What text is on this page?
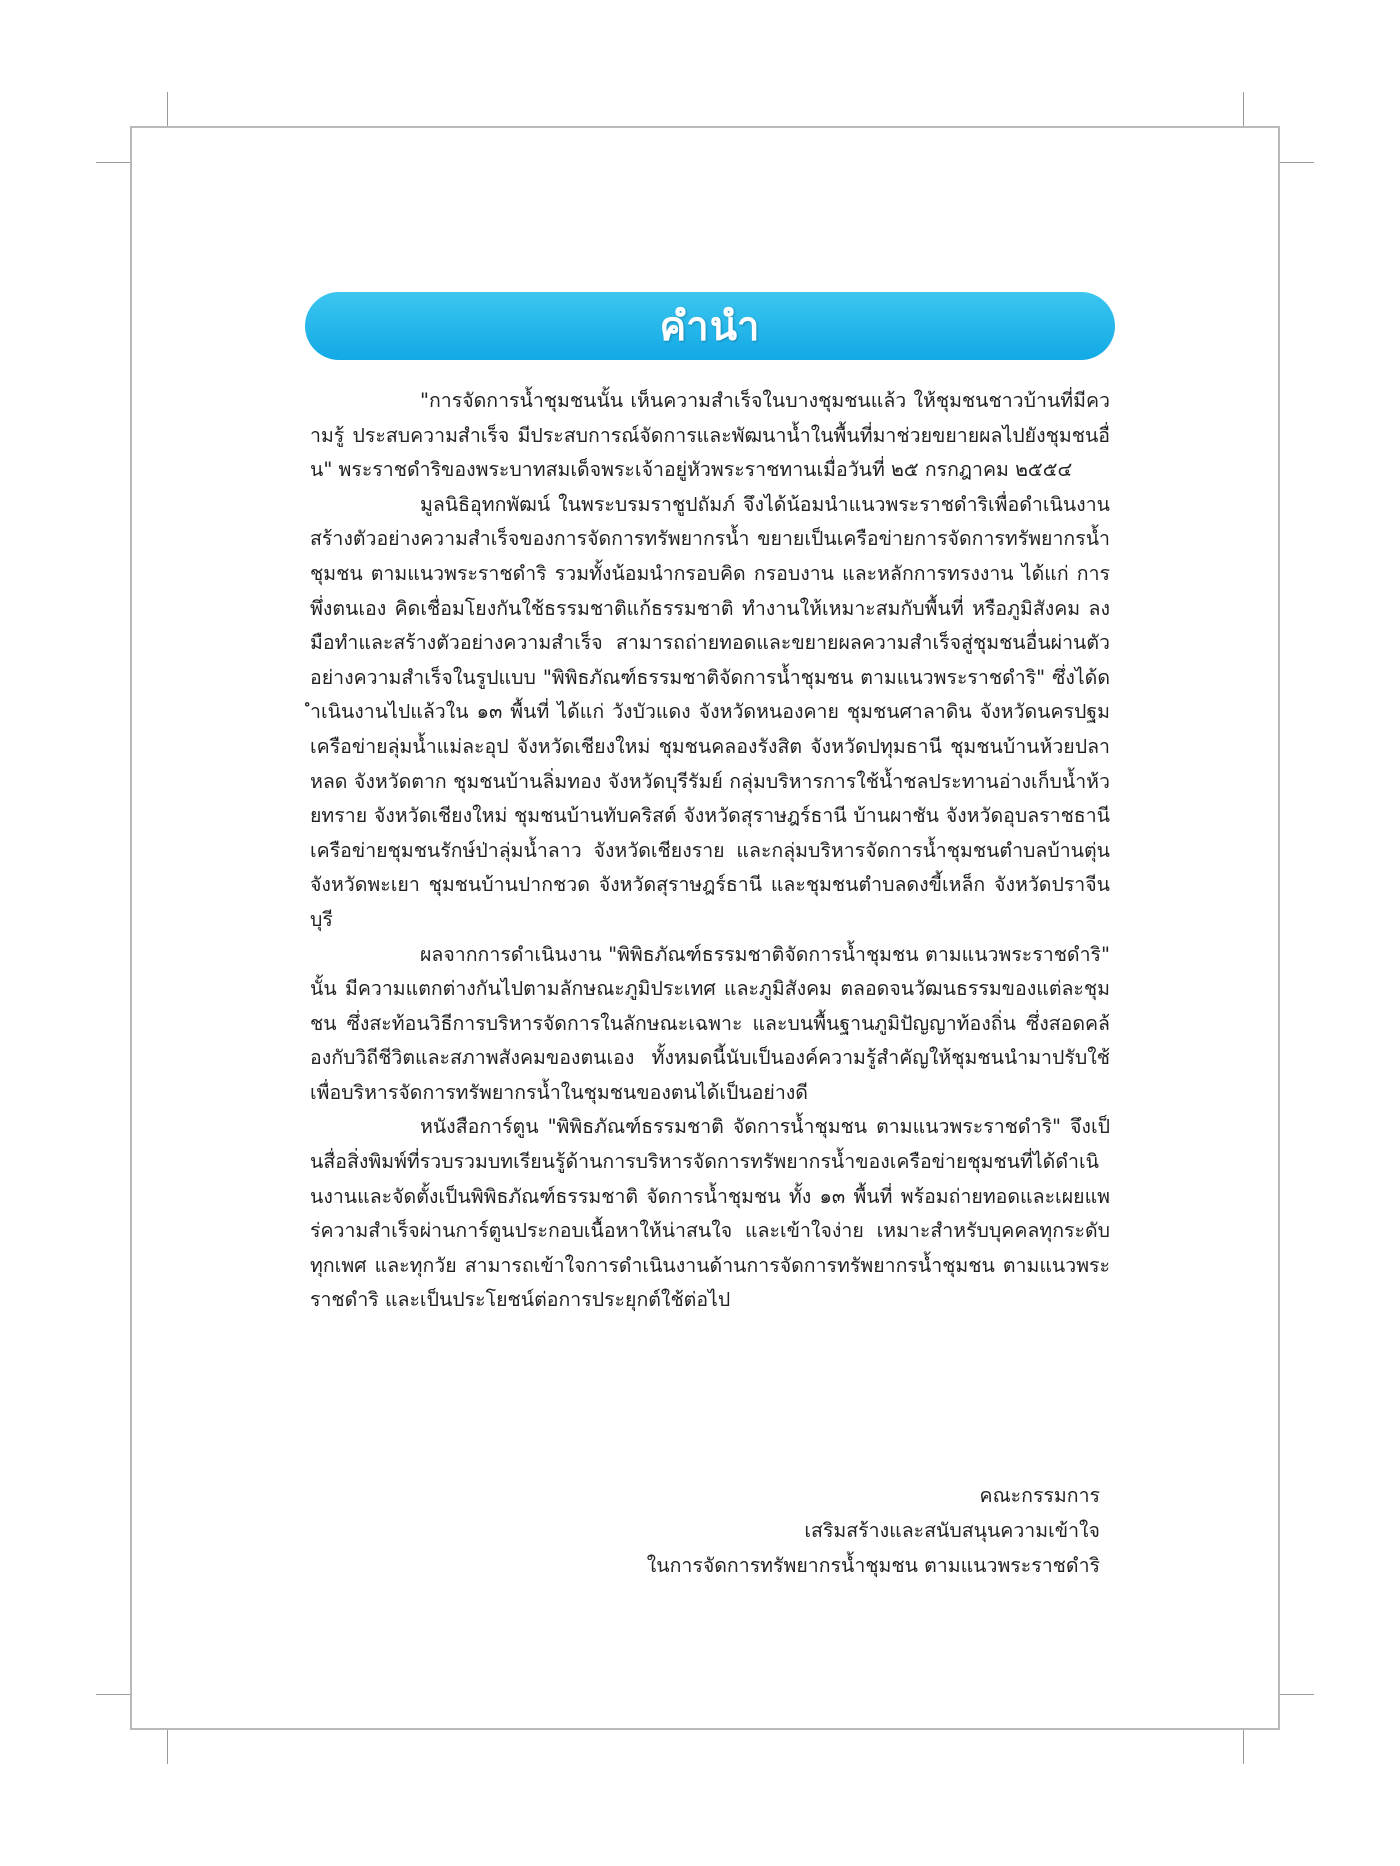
คำนำ

"การจัดการน้ำชุมชนนั้น เห็นความสำเร็จในบางชุมชนแล้ว ให้ชุมชนชาวบ้านที่มีความรู้ ประสบความสำเร็จ มีประสบการณ์จัดการและพัฒนาน้ำในพื้นที่มาช่วยขยายผลไปยังชุมชนอื่น" พระราชดำริของพระบาทสมเด็จพระเจ้าอยู่หัวพระราชทานเมื่อวันที่ ๒๕ กรกฎาคม ๒๕๕๔

มูลนิธิอุทกพัฒน์ ในพระบรมราชูปถัมภ์ จึงได้น้อมนำแนวพระราชดำริเพื่อดำเนินงานสร้างตัวอย่างความสำเร็จของการจัดการทรัพยากรน้ำ ขยายเป็นเครือข่ายการจัดการทรัพยากรน้ำชุมชน ตามแนวพระราชดำริ รวมทั้งน้อมนำกรอบคิด กรอบงาน และหลักการทรงงาน ได้แก่ การพึ่งตนเอง คิดเชื่อมโยงกันใช้ธรรมชาติแก้ธรรมชาติ ทำงานให้เหมาะสมกับพื้นที่ หรือภูมิสังคม ลงมือทำและสร้างตัวอย่างความสำเร็จ สามารถถ่ายทอดและขยายผลความสำเร็จสู่ชุมชนอื่นผ่านตัวอย่างความสำเร็จในรูปแบบ "พิพิธภัณฑ์ธรรมชาติจัดการน้ำชุมชน ตามแนวพระราชดำริ" ซึ่งได้ดำเนินงานไปแล้วใน ๑๓ พื้นที่ ได้แก่ วังบัวแดง จังหวัดหนองคาย ชุมชนศาลาดิน จังหวัดนครปฐม เครือข่ายลุ่มน้ำแม่ละอุป จังหวัดเชียงใหม่ ชุมชนคลองรังสิต จังหวัดปทุมธานี ชุมชนบ้านห้วยปลาหลด จังหวัดตาก ชุมชนบ้านลิ่มทอง จังหวัดบุรีรัมย์ กลุ่มบริหารการใช้น้ำชลประทานอ่างเก็บน้ำห้วยทราย จังหวัดเชียงใหม่ ชุมชนบ้านทับคริสต์ จังหวัดสุราษฎร์ธานี บ้านผาชัน จังหวัดอุบลราชธานี เครือข่ายชุมชนรักษ์ป่าลุ่มน้ำลาว จังหวัดเชียงราย และกลุ่มบริหารจัดการน้ำชุมชนตำบลบ้านตุ่น จังหวัดพะเยา ชุมชนบ้านปากชวด จังหวัดสุราษฎร์ธานี และชุมชนตำบลดงขี้เหล็ก จังหวัดปราจีนบุรี

ผลจากการดำเนินงาน "พิพิธภัณฑ์ธรรมชาติจัดการน้ำชุมชน ตามแนวพระราชดำริ" นั้น มีความแตกต่างกันไปตามลักษณะภูมิประเทศ และภูมิสังคม ตลอดจนวัฒนธรรมของแต่ละชุมชน ซึ่งสะท้อนวิธีการบริหารจัดการในลักษณะเฉพาะ และบนพื้นฐานภูมิปัญญาท้องถิ่น ซึ่งสอดคล้องกับวิถีชีวิตและสภาพสังคมของตนเอง ทั้งหมดนี้นับเป็นองค์ความรู้สำคัญให้ชุมชนนำมาปรับใช้ เพื่อบริหารจัดการทรัพยากรน้ำในชุมชนของตนได้เป็นอย่างดี

หนังสือการ์ตูน "พิพิธภัณฑ์ธรรมชาติ จัดการน้ำชุมชน ตามแนวพระราชดำริ" จึงเป็นสื่อสิ่งพิมพ์ที่รวบรวมบทเรียนรู้ด้านการบริหารจัดการทรัพยากรน้ำของเครือข่ายชุมชนที่ได้ดำเนินงานและจัดตั้งเป็นพิพิธภัณฑ์ธรรมชาติ จัดการน้ำชุมชน ทั้ง ๑๓ พื้นที่ พร้อมถ่ายทอดและเผยแพร่ความสำเร็จผ่านการ์ตูนประกอบเนื้อหาให้น่าสนใจ และเข้าใจง่าย เหมาะสำหรับบุคคลทุกระดับ ทุกเพศ และทุกวัย สามารถเข้าใจการดำเนินงานด้านการจัดการทรัพยากรน้ำชุมชน ตามแนวพระราชดำริ และเป็นประโยชน์ต่อการประยุกต์ใช้ต่อไป

คณะกรรมการ
เสริมสร้างและสนับสนุนความเข้าใจ
ในการจัดการทรัพยากรน้ำชุมชน ตามแนวพระราชดำริ
